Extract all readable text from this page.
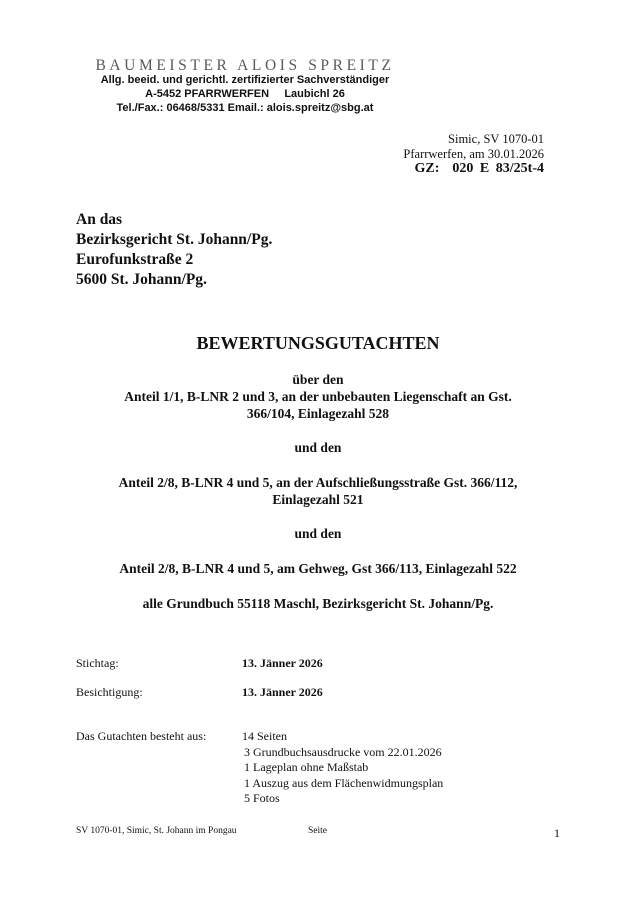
BAUMEISTER ALOIS SPREITZ
Allg. beeid. und gerichtl. zertifizierter Sachverständiger
A-5452 PFARRWERFEN     Laubichl 26
Tel./Fax.: 06468/5331 Email.: alois.spreitz@sbg.at
Simic, SV 1070-01
Pfarrwerfen, am 30.01.2026
GZ:  020 E 83/25t-4
An das
Bezirksgericht St. Johann/Pg.
Eurofunkstraße 2
5600 St. Johann/Pg.
BEWERTUNGSGUTACHTEN
über den
Anteil 1/1, B-LNR 2 und 3, an der unbebauten Liegenschaft an Gst.
366/104, Einlagezahl 528
und den
Anteil 2/8, B-LNR 4 und 5, an der Aufschließungsstraße Gst. 366/112,
Einlagezahl 521
und den
Anteil 2/8, B-LNR 4 und 5, am Gehweg, Gst 366/113, Einlagezahl 522
alle Grundbuch 55118 Maschl, Bezirksgericht St. Johann/Pg.
Stichtag:	13. Jänner 2026
Besichtigung:	13. Jänner 2026
Das Gutachten besteht aus:	14 Seiten
3 Grundbuchsausdrucke vom 22.01.2026
1 Lageplan ohne Maßstab
1 Auszug aus dem Flächenwidmungsplan
5 Fotos
SV 1070-01, Simic, St. Johann im Pongau	Seite	1
